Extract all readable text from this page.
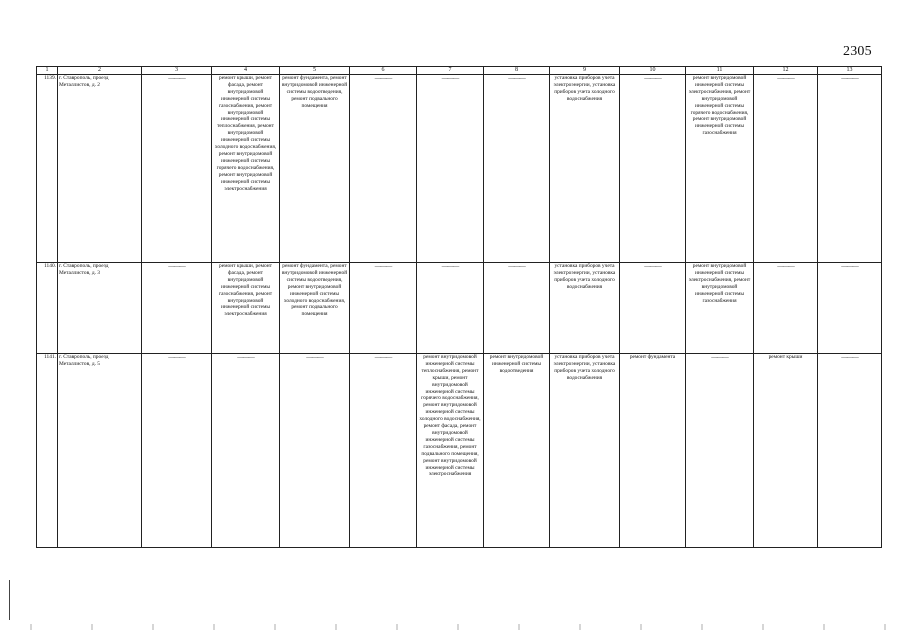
2305
1	2	3	4	5	6	7	8	9	10	11	12	13
1139.	г. Ставрополь, проезд Металлистов, д. 2	———	ремонт крыши, ремонт фасада, ремонт внутридомовой инженерной системы газоснабжения, ремонт внутридомовой инженерной системы теплоснабжения, ремонт внутридомовой инженерной системы холодного водоснабжения, ремонт внутридомовой инженерной системы горячего водоснабжения, ремонт внутридомовой инженерной системы электроснабжения	ремонт фундамента, ремонт внутридомовой инженерной системы водоотведения, ремонт подвального помещения	———	———	———	установка приборов учета электроэнергии, установка приборов учета холодного водоснабжения	———	ремонт внутридомовой инженерной системы электроснабжения, ремонт внутридомовой инженерной системы горячего водоснабжения, ремонт внутридомовой инженерной системы газоснабжения	———	———
1140.	г. Ставрополь, проезд Металлистов, д. 3	———	ремонт крыши, ремонт фасада, ремонт внутридомовой инженерной системы газоснабжения, ремонт внутридомовой инженерной системы электроснабжения	ремонт фундамента, ремонт внутридомовой инженерной системы водоотведения, ремонт внутридомовой инженерной системы холодного водоснабжения, ремонт подвального помещения	———	———	———	установка приборов учета электроэнергии, установка приборов учета холодного водоснабжения	———	ремонт внутридомовой инженерной системы электроснабжения, ремонт внутридомовой инженерной системы газоснабжения	———	———
1141.	г. Ставрополь, проезд Металлистов, д. 5	———	———	———	———	ремонт внутридомовой инженерной системы теплоснабжения, ремонт крыши, ремонт внутридомовой инженерной системы горячего водоснабжения, ремонт внутридомовой инженерной системы холодного водоснабжения, ремонт фасада, ремонт внутридомовой инженерной системы газоснабжения, ремонт подвального помещения, ремонт внутридомовой инженерной системы электроснабжения	ремонт внутридомовой инженерной системы водоотведения	установка приборов учета электроэнергии, установка приборов учета холодного водоснабжения	ремонт фундамента	———	ремонт крыши	———
